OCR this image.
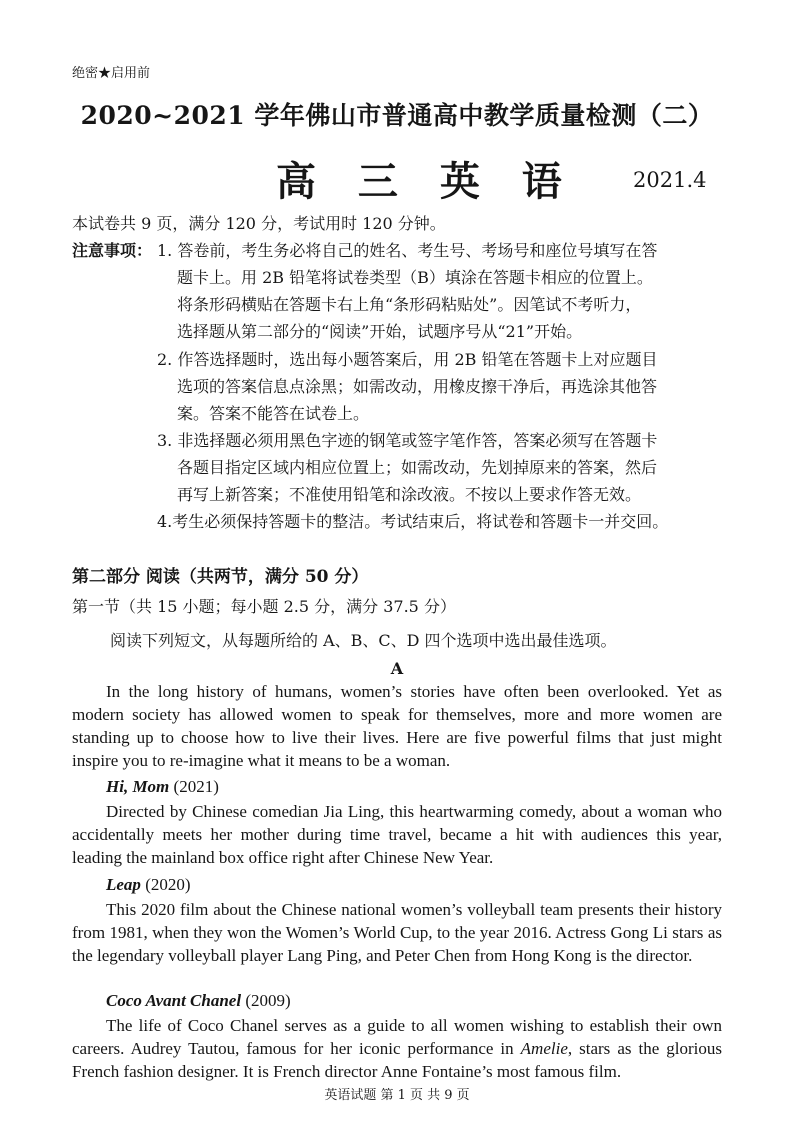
绝密★启用前
2020~2021 学年佛山市普通高中教学质量检测（二）
高 三 英 语	2021.4
本试卷共 9 页，满分 120 分，考试用时 120 分钟。
注意事项： 1. 答卷前，考生务必将自己的姓名、考生号、考场号和座位号填写在答
题卡上。用 2B 铅笔将试卷类型（B）填涂在答题卡相应的位置上。
将条形码横贴在答题卡右上角“条形码粘贴处”。因笔试不考听力，
选择题从第二部分的“阅读”开始，试题序号从“21”开始。
2. 作答选择题时，选出每小题答案后，用 2B 铅笔在答题卡上对应题目
选项的答案信息点涂黑；如需改动，用橡皮擦干净后，再选涂其他答
案。答案不能答在试卷上。
3. 非选择题必须用黑色字迹的钢笔或签字笔作答，答案必须写在答题卡
各题目指定区域内相应位置上；如需改动，先划掉原来的答案，然后
再写上新答案；不准使用铅笔和涂改液。不按以上要求作答无效。
4.考生必须保持答题卡的整洁。考试结束后，将试卷和答题卡一并交回。
第二部分 阅读（共两节，满分 50 分）
第一节（共 15 小题；每小题 2.5 分，满分 37.5 分）
阅读下列短文，从每题所给的 A、B、C、D 四个选项中选出最佳选项。
A
In the long history of humans, women’s stories have often been overlooked. Yet as modern society has allowed women to speak for themselves, more and more women are standing up to choose how to live their lives. Here are five powerful films that just might inspire you to re-imagine what it means to be a woman.
Hi, Mom (2021)
Directed by Chinese comedian Jia Ling, this heartwarming comedy, about a woman who accidentally meets her mother during time travel, became a hit with audiences this year, leading the mainland box office right after Chinese New Year.
Leap (2020)
This 2020 film about the Chinese national women’s volleyball team presents their history from 1981, when they won the Women’s World Cup, to the year 2016. Actress Gong Li stars as the legendary volleyball player Lang Ping, and Peter Chen from Hong Kong is the director.
Coco Avant Chanel (2009)
The life of Coco Chanel serves as a guide to all women wishing to establish their own careers. Audrey Tautou, famous for her iconic performance in Amelie, stars as the glorious French fashion designer. It is French director Anne Fontaine’s most famous film.
英语试题 第 1 页 共 9 页
